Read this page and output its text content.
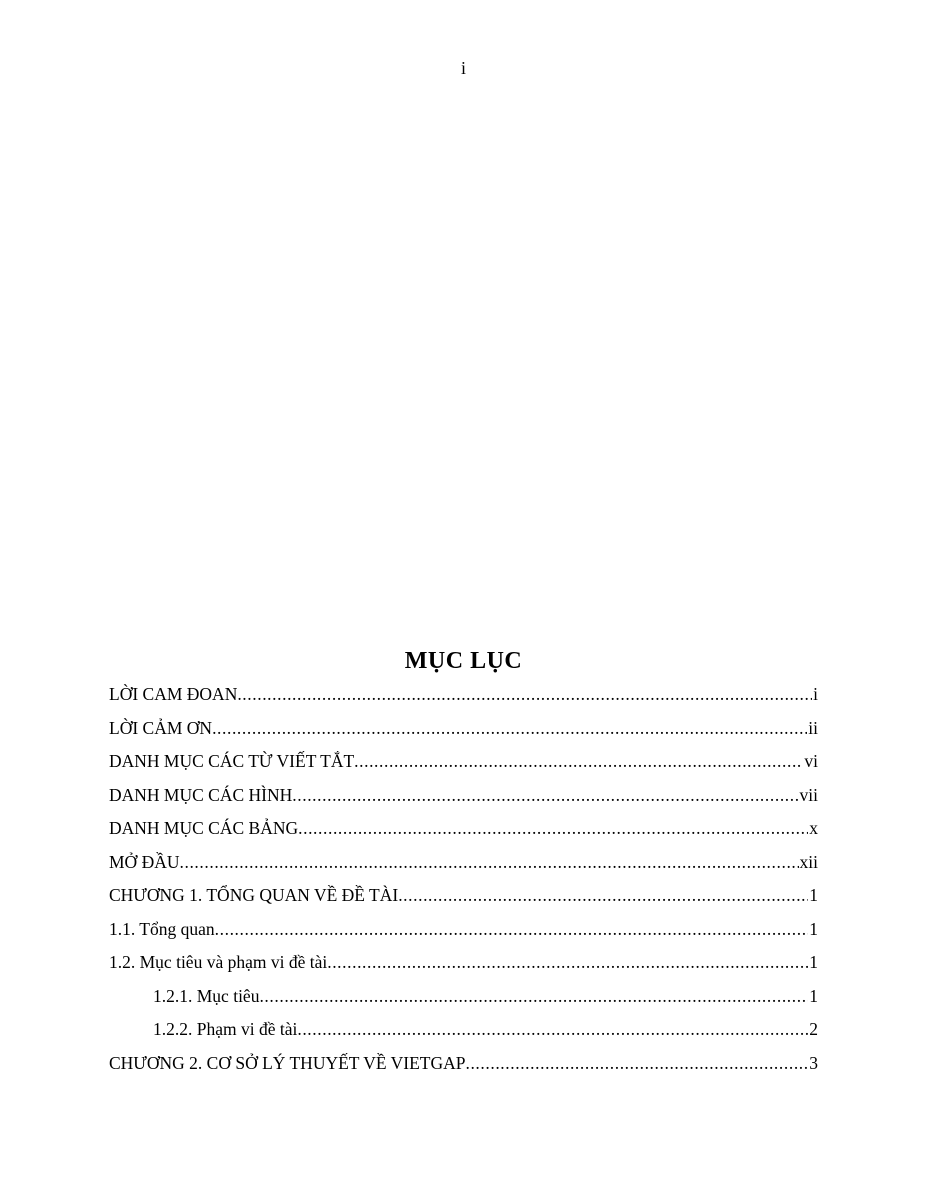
i
MỤC LỤC
LỜI CAM ĐOAN .....	i
LỜI CẢM ƠN .....	ii
DANH MỤC CÁC TỪ VIẾT TẮT .....	vi
DANH MỤC CÁC HÌNH .....	vii
DANH MỤC CÁC BẢNG .....	x
MỞ ĐẦU .....	xii
CHƯƠNG 1. TỔNG QUAN VỀ ĐỀ TÀI .....	1
1.1. Tổng quan .....	1
1.2. Mục tiêu và phạm vi đề tài .....	1
1.2.1. Mục tiêu .....	1
1.2.2. Phạm vi đề tài .....	2
CHƯƠNG 2. CƠ SỞ LÝ THUYẾT VỀ VIETGAP .....	3
